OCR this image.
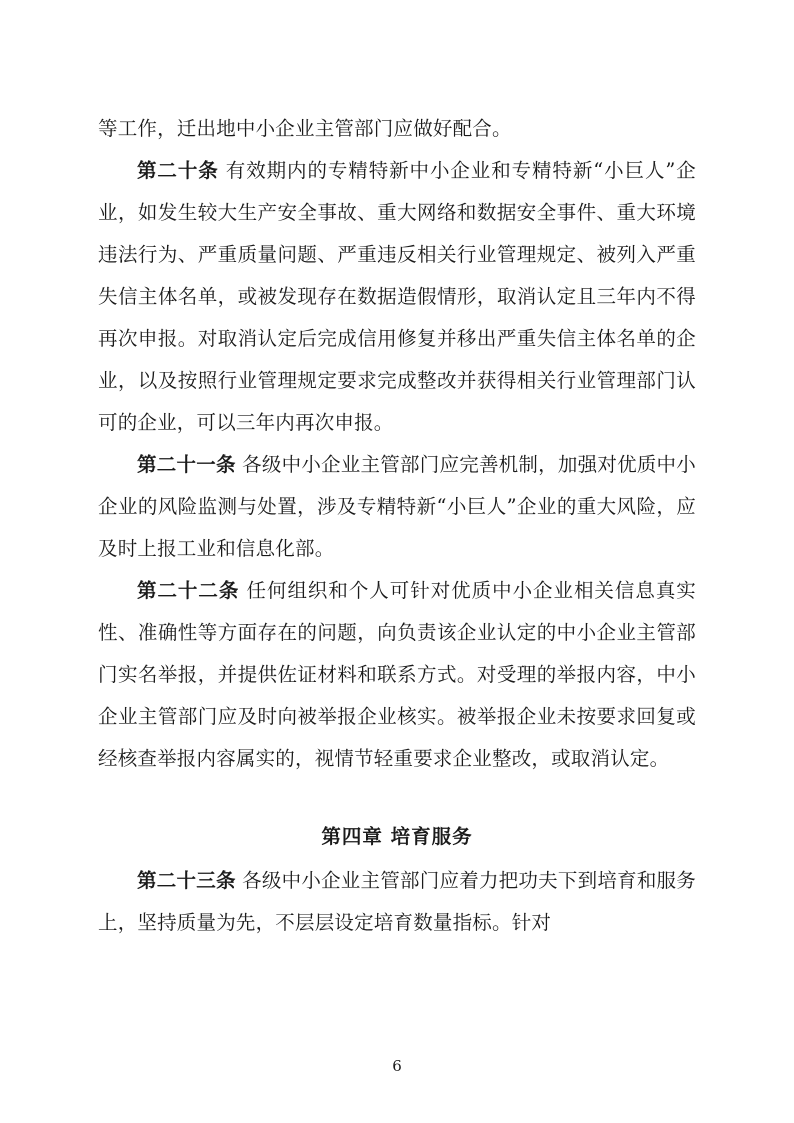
等工作，迁出地中小企业主管部门应做好配合。

第二十条 有效期内的专精特新中小企业和专精特新“小巨人”企业，如发生较大生产安全事故、重大网络和数据安全事件、重大环境违法行为、严重质量问题、严重违反相关行业管理规定、被列入严重失信主体名单，或被发现存在数据造假情形，取消认定且三年内不得再次申报。对取消认定后完成信用修复并移出严重失信主体名单的企业，以及按照行业管理规定要求完成整改并获得相关行业管理部门认可的企业，可以三年内再次申报。

第二十一条 各级中小企业主管部门应完善机制，加强对优质中小企业的风险监测与处置，涉及专精特新“小巨人”企业的重大风险，应及时上报工业和信息化部。

第二十二条 任何组织和个人可针对优质中小企业相关信息真实性、准确性等方面存在的问题，向负责该企业认定的中小企业主管部门实名举报，并提供佐证材料和联系方式。对受理的举报内容，中小企业主管部门应及时向被举报企业核实。被举报企业未按要求回复或经核查举报内容属实的，视情节轻重要求企业整改，或取消认定。

第四章 培育服务

第二十三条 各级中小企业主管部门应着力把功夫下到培育和服务上，坚持质量为先，不层层设定培育数量指标。针对

6
